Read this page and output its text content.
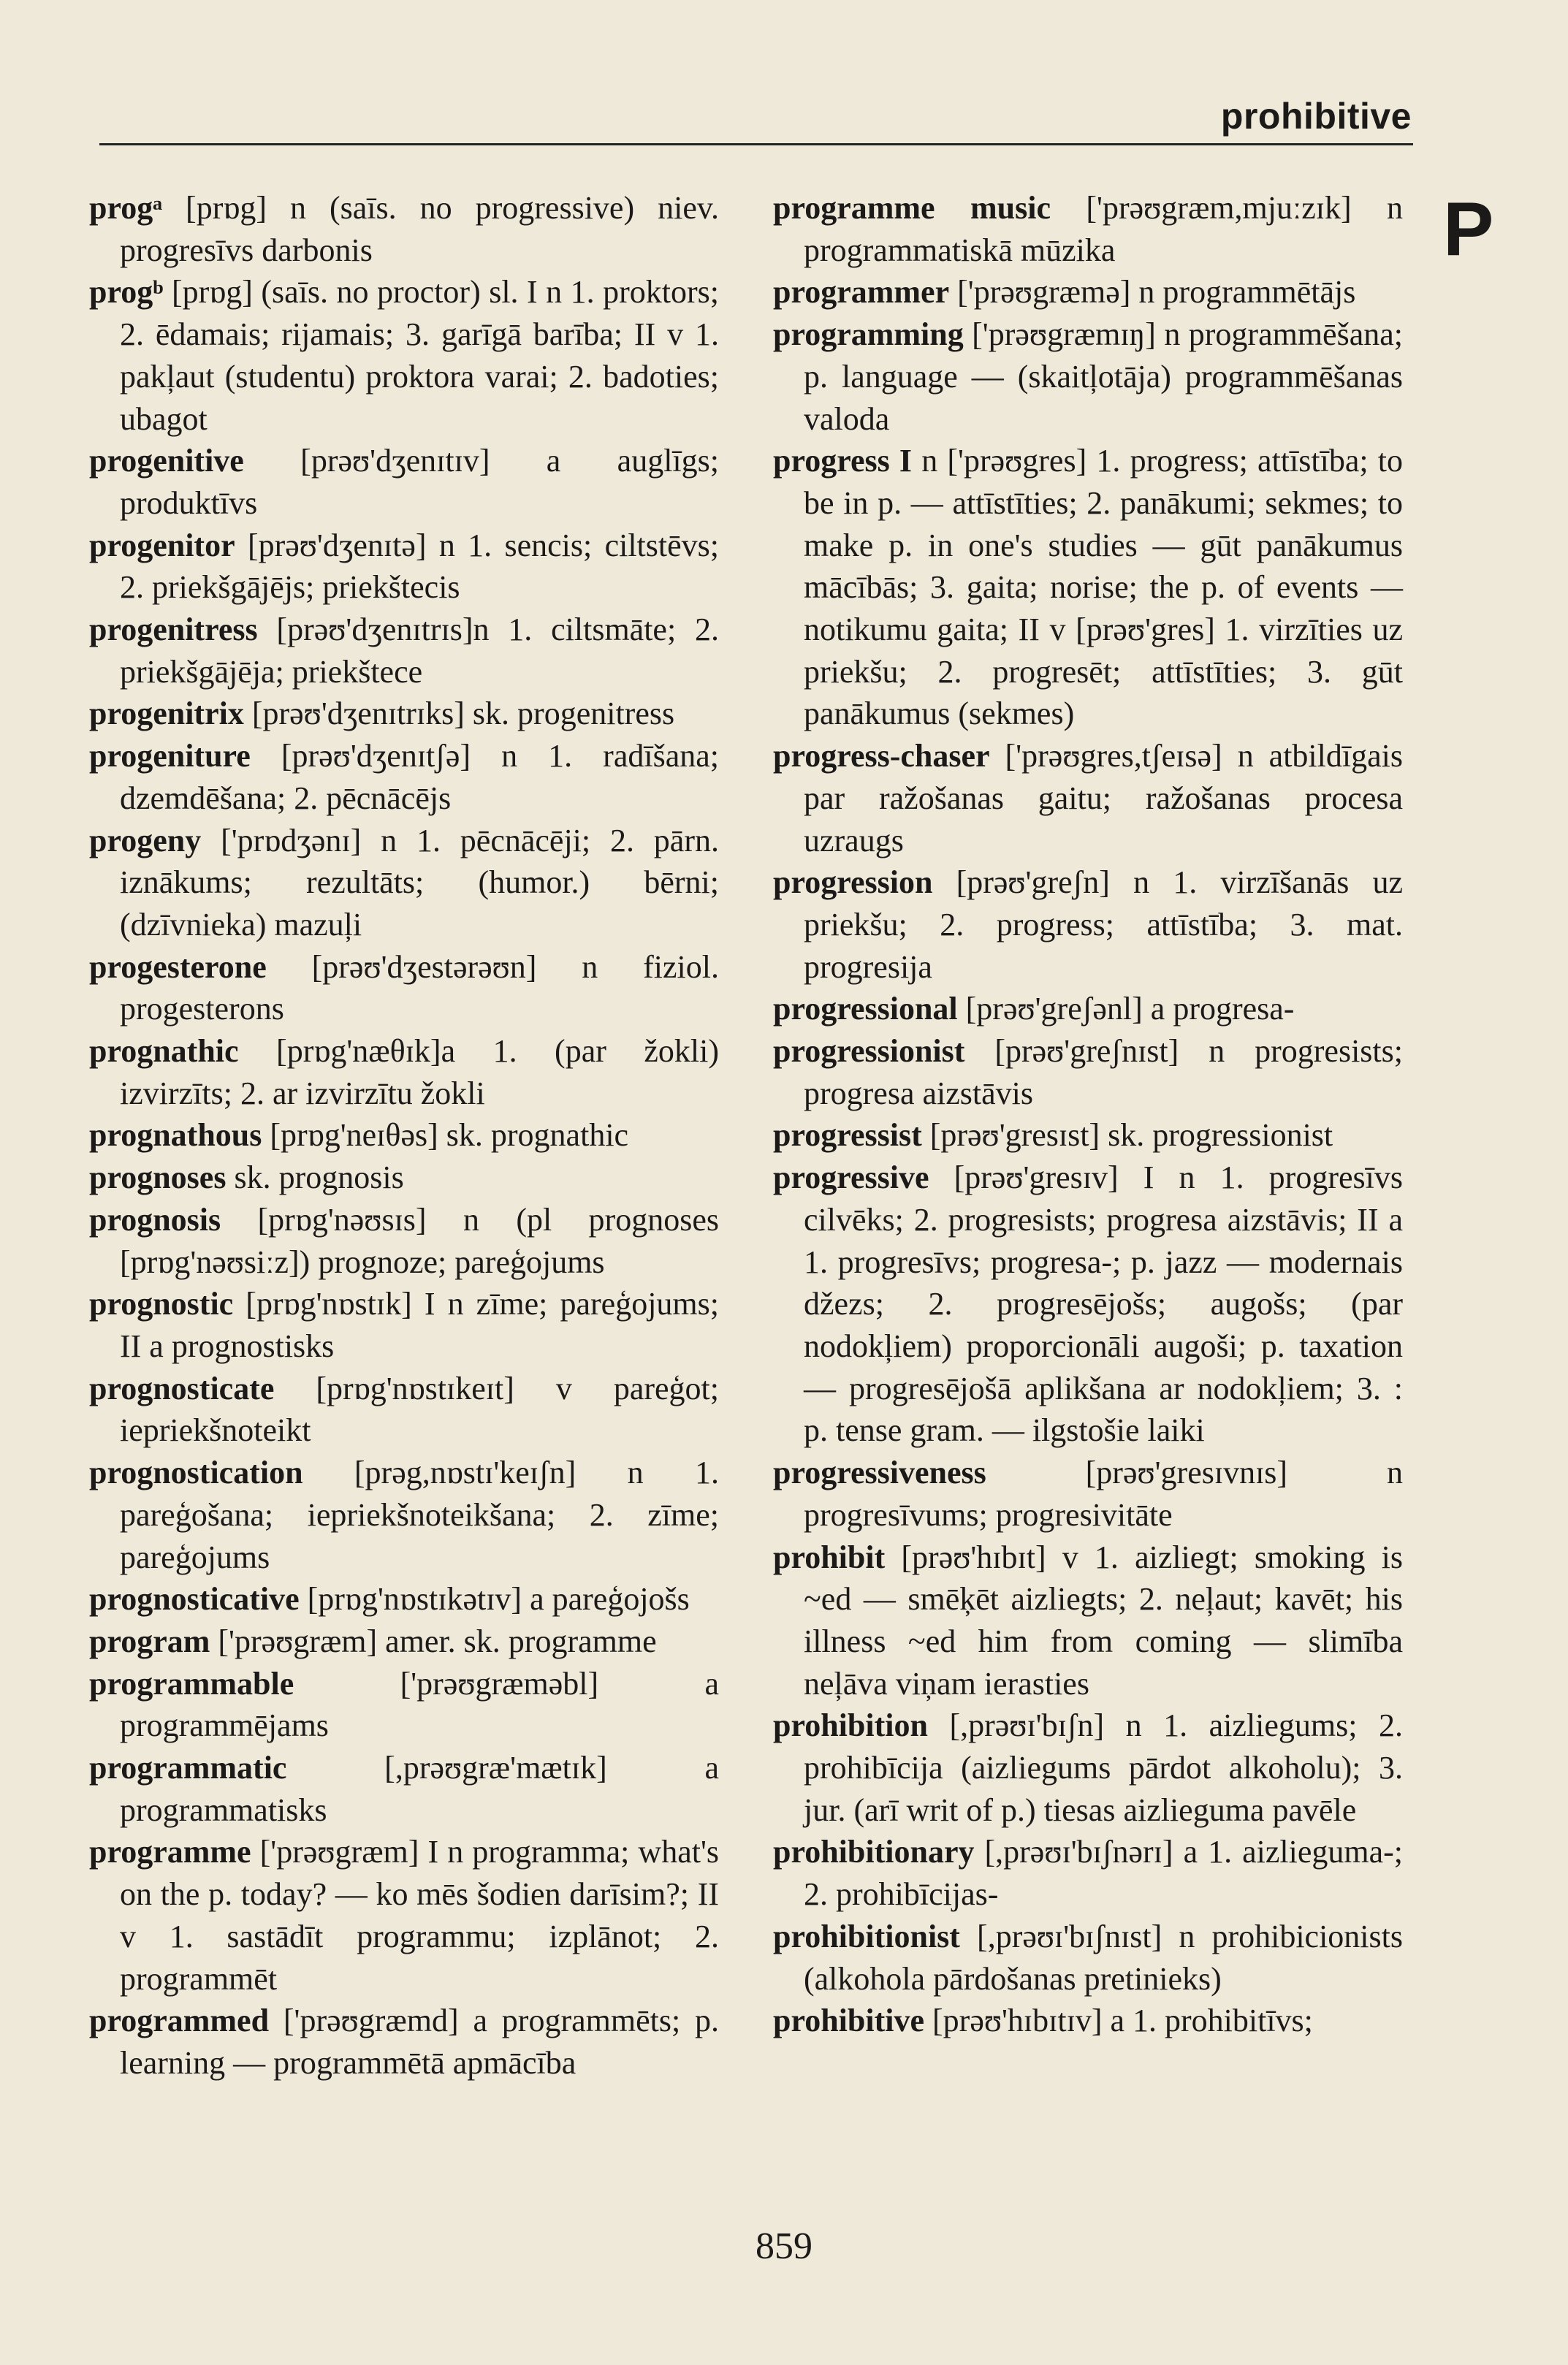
prohibitive
P

progᵃ [prɒg] n (saīs. no progressive) niev. progresīvs darbonis

progᵇ [prɒg] (saīs. no proctor) sl. I n 1. proktors; 2. ēdamais; rijamais; 3. garīgā barība; II v 1. pakļaut (studentu) proktora varai; 2. badoties; ubagot

progenitive [prəʊ'dʒenɪtɪv] a auglīgs; produktīvs

progenitor [prəʊ'dʒenɪtə] n 1. sencis; ciltstēvs; 2. priekšgājējs; priekštecis

progenitress [prəʊ'dʒenɪtrɪs]n 1. ciltsmāte; 2. priekšgājēja; priekštece

progenitrix [prəʊ'dʒenɪtrɪks] sk. progenitress

progeniture [prəʊ'dʒenɪtʃə] n 1. radīšana; dzemdēšana; 2. pēcnācējs

progeny ['prɒdʒənɪ] n 1. pēcnācēji; 2. pārn. iznākums; rezultāts; (humor.) bērni; (dzīvnieka) mazuļi

progesterone [prəʊ'dʒestərəʊn] n fiziol. progesterons

prognathic [prɒg'næθɪk]a 1. (par žokli) izvirzīts; 2. ar izvirzītu žokli

prognathous [prɒg'neɪθəs] sk. prognathic

prognoses sk. prognosis

prognosis [prɒg'nəʊsɪs] n (pl prognoses [prɒg'nəʊsiːz]) prognoze; pareģojums

prognostic [prɒg'nɒstɪk] I n zīme; pareģojums; II a prognostisks

prognosticate [prɒg'nɒstɪkeɪt] v pareģot; iepriekšnoteikt

prognostication [prəg,nɒstɪ'keɪʃn] n 1. pareģošana; iepriekšnoteikšana; 2. zīme; pareģojums

prognosticative [prɒg'nɒstɪkətɪv] a pareģojošs

program ['prəʊgræm] amer. sk. programme

programmable ['prəʊgræməbl] a programmējams

programmatic [,prəʊgræ'mætɪk] a programmatisks

programme ['prəʊgræm] I n programma; what's on the p. today? — ko mēs šodien darīsim?; II v 1. sastādīt programmu; izplānot; 2. programmēt

programmed ['prəʊgræmd] a programmēts; p. learning — programmētā apmācība

programme music ['prəʊgræm,mjuːzɪk] n programmatiskā mūzika

programmer ['prəʊgræmə] n programmētājs

programming ['prəʊgræmɪŋ] n programmēšana; p. language — (skaitļotāja) programmēšanas valoda

progress I n ['prəʊgres] 1. progress; attīstība; to be in p. — attīstīties; 2. panākumi; sekmes; to make p. in one's studies — gūt panākumus mācībās; 3. gaita; norise; the p. of events — notikumu gaita; II v [prəʊ'gres] 1. virzīties uz priekšu; 2. progresēt; attīstīties; 3. gūt panākumus (sekmes)

progress-chaser ['prəʊgres,tʃeɪsə] n atbildīgais par ražošanas gaitu; ražošanas procesa uzraugs

progression [prəʊ'greʃn] n 1. virzīšanās uz priekšu; 2. progress; attīstība; 3. mat. progresija

progressional [prəʊ'greʃənl] a progresa-

progressionist [prəʊ'greʃnɪst] n progresists; progresa aizstāvis

progressist [prəʊ'gresɪst] sk. progressionist

progressive [prəʊ'gresɪv] I n 1. progresīvs cilvēks; 2. progresists; progresa aizstāvis; II a 1. progresīvs; progresa-; p. jazz — modernais džezs; 2. progresējošs; augošs; (par nodokļiem) proporcionāli augoši; p. taxation — progresējošā aplikšana ar nodokļiem; 3. : p. tense gram. — ilgstošie laiki

progressiveness [prəʊ'gresɪvnɪs] n progresīvums; progresivitāte

prohibit [prəʊ'hɪbɪt] v 1. aizliegt; smoking is ~ed — smēķēt aizliegts; 2. neļaut; kavēt; his illness ~ed him from coming — slimība neļāva viņam ierasties

prohibition [,prəʊɪ'bɪʃn] n 1. aizliegums; 2. prohibīcija (aizliegums pārdot alkoholu); 3. jur. (arī writ of p.) tiesas aizlieguma pavēle

prohibitionary [,prəʊɪ'bɪʃnərɪ] a 1. aizlieguma-; 2. prohibīcijas-

prohibitionist [,prəʊɪ'bɪʃnɪst] n prohibicionists (alkohola pārdošanas pretinieks)

prohibitive [prəʊ'hɪbɪtɪv] a 1. prohibitīvs;

859
